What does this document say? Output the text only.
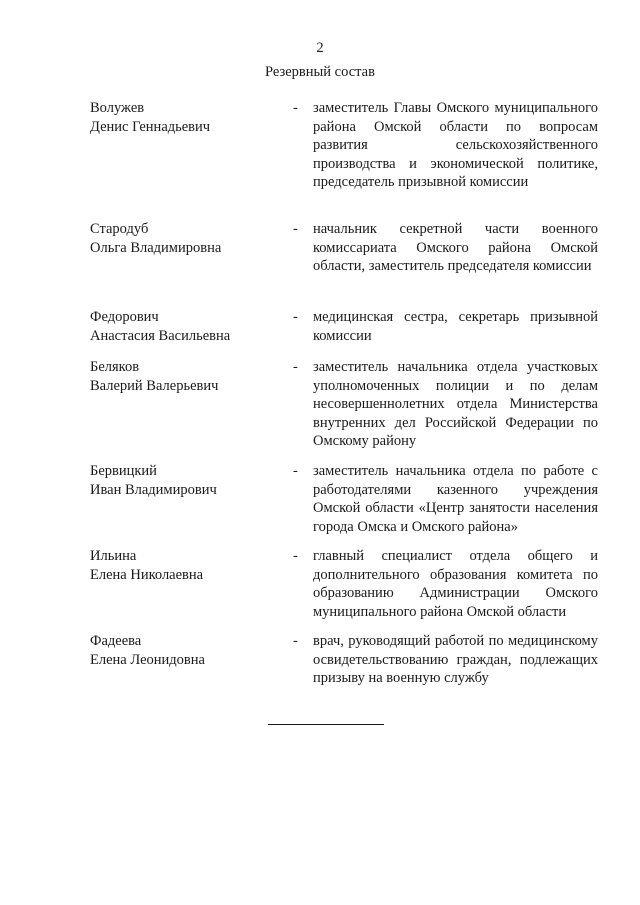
2
Резервный состав
Волужев
Денис Геннадьевич
- заместитель Главы Омского муниципального района Омской области по вопросам развития сельскохозяйственного производства и экономической политике, председатель призывной комиссии
Стародуб
Ольга Владимировна
- начальник секретной части военного комиссариата Омского района Омской области, заместитель председателя комиссии
Федорович
Анастасия Васильевна
- медицинская сестра, секретарь призывной комиссии
Беляков
Валерий Валерьевич
- заместитель начальника отдела участковых уполномоченных полиции и по делам несовершеннолетних отдела Министерства внутренних дел Российской Федерации по Омскому району
Бервицкий
Иван Владимирович
- заместитель начальника отдела по работе с работодателями казенного учреждения Омской области «Центр занятости населения города Омска и Омского района»
Ильина
Елена Николаевна
- главный специалист отдела общего и дополнительного образования комитета по образованию Администрации Омского муниципального района Омской области
Фадеева
Елена Леонидовна
- врач, руководящий работой по медицинскому освидетельствованию граждан, подлежащих призыву на военную службу
